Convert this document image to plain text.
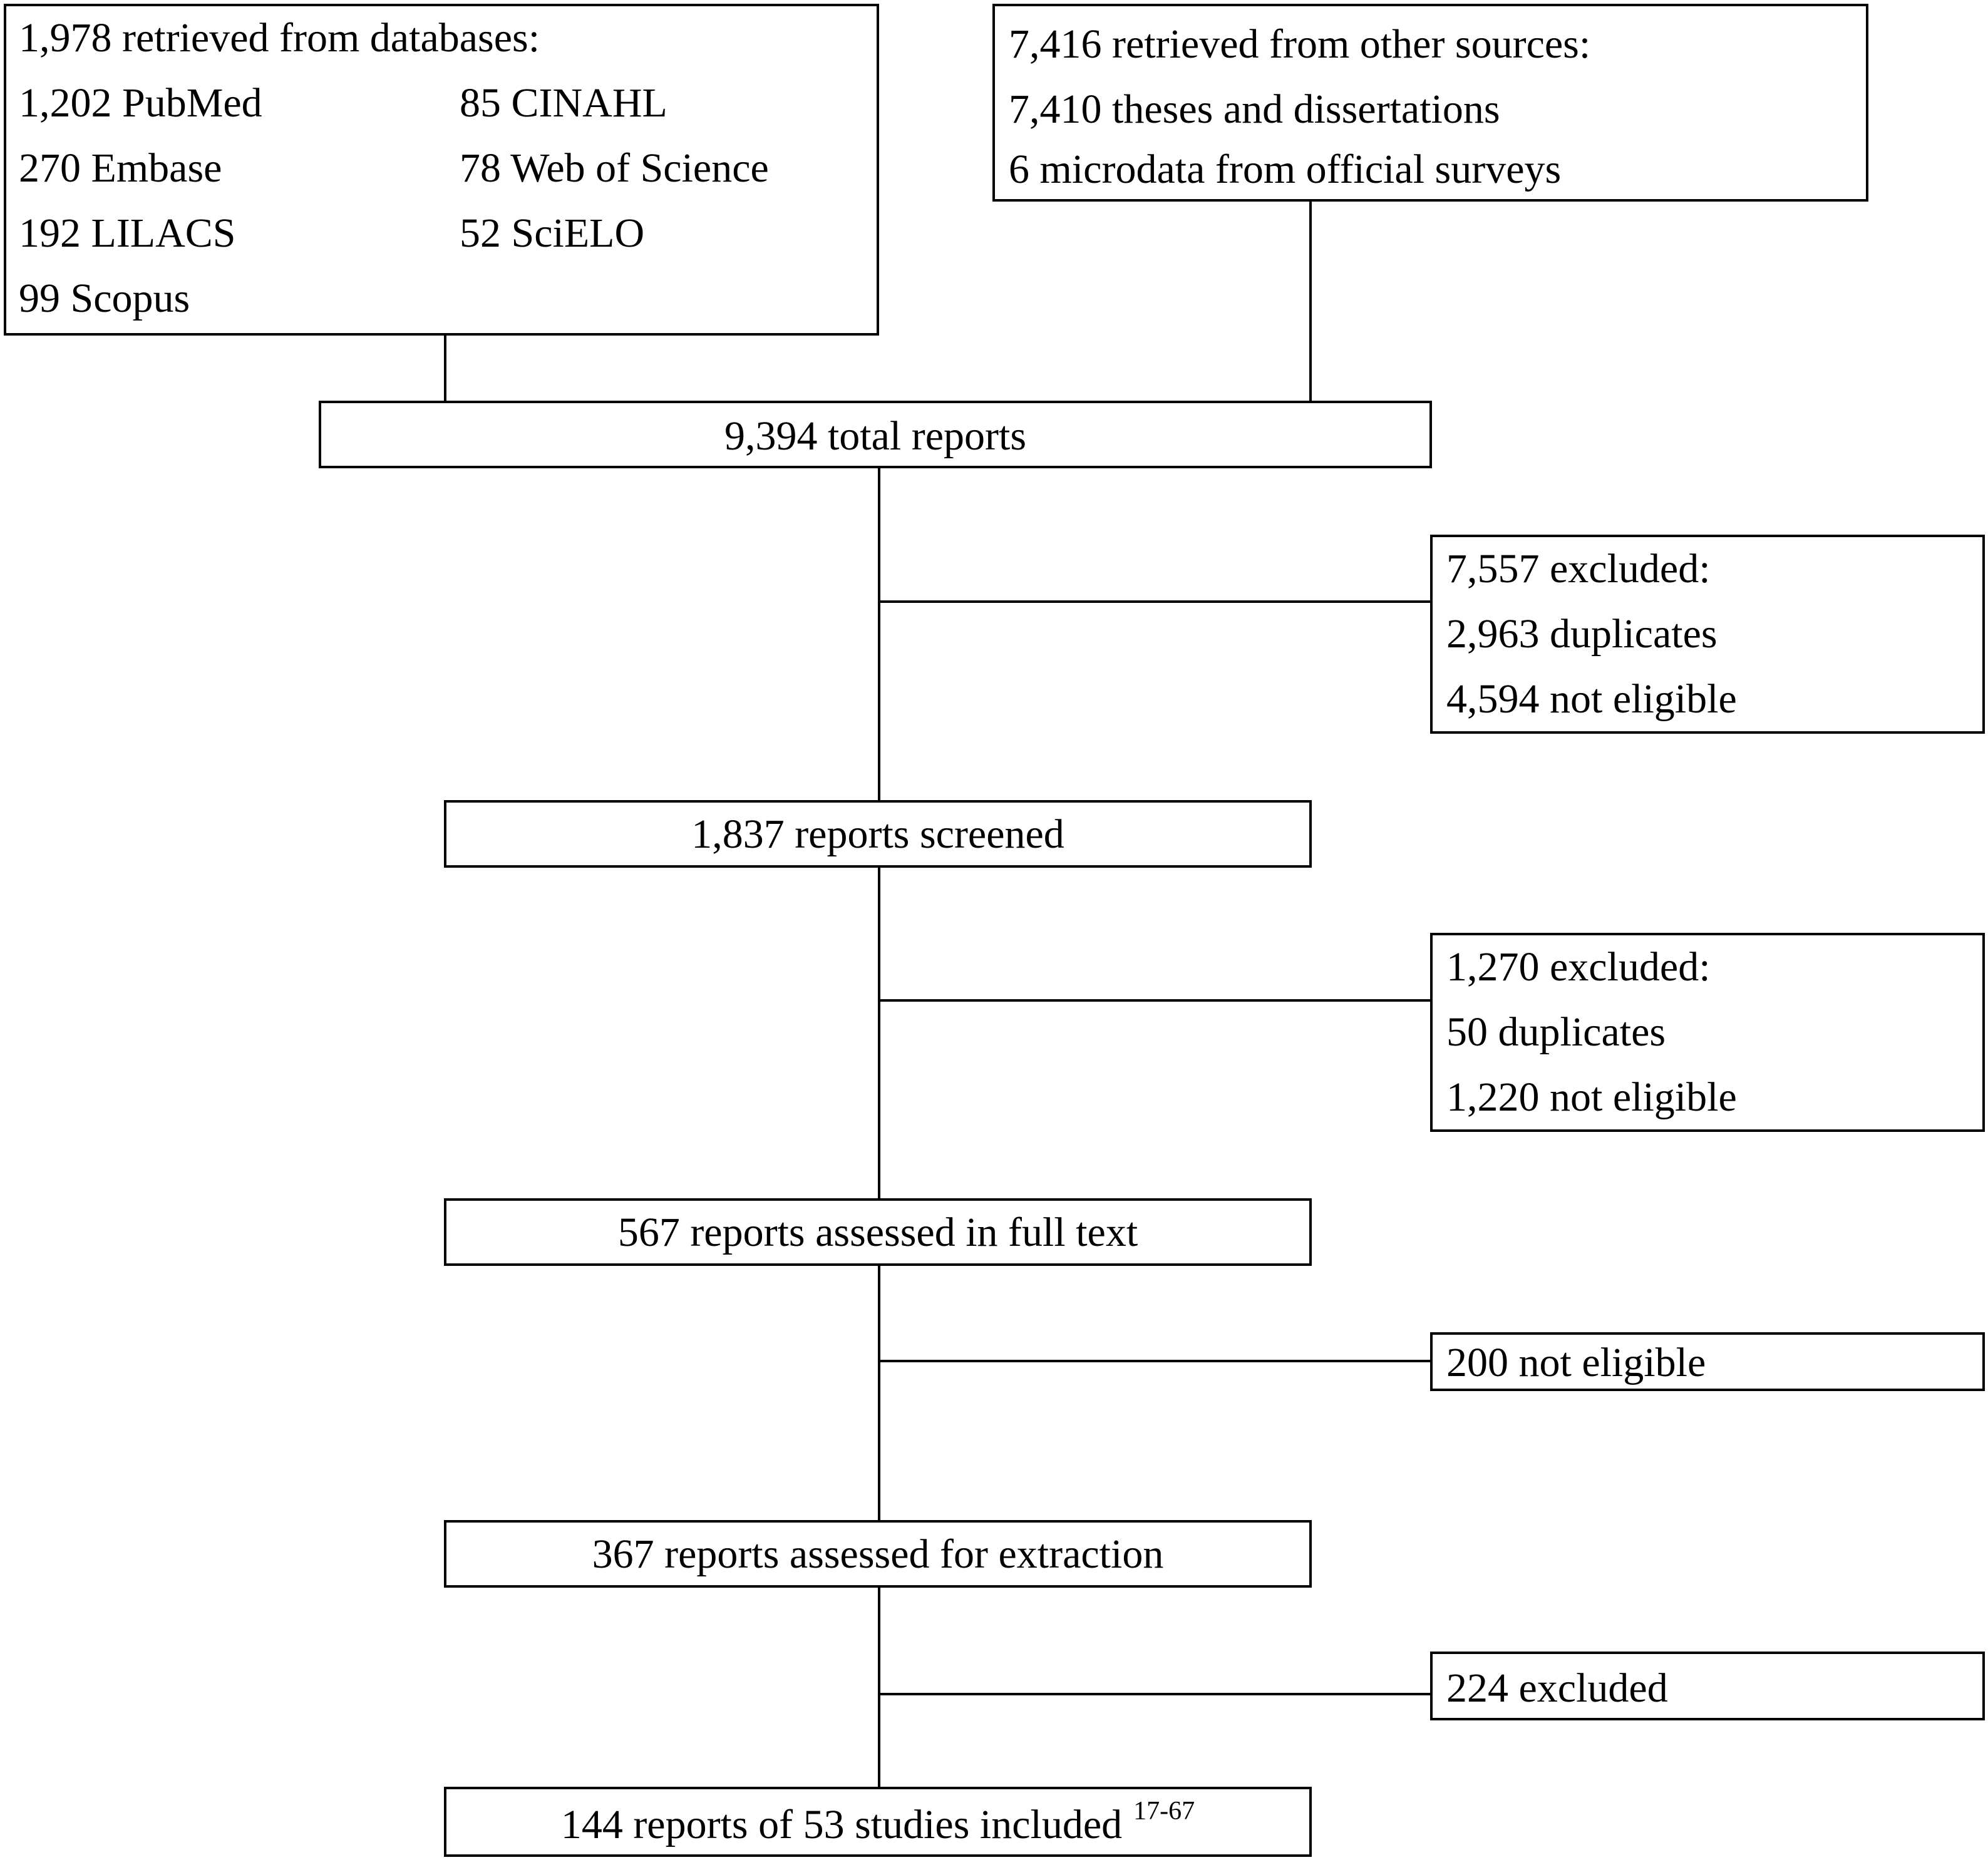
1,978 retrieved from databases:
1,202 PubMed
270 Embase
192 LILACS
99 Scopus
85 CINAHL
78 Web of Science
52 SciELO
7,416 retrieved from other sources:
7,410 theses and dissertations
6 microdata from official surveys
9,394 total reports
7,557 excluded:
2,963 duplicates
4,594 not eligible
1,837 reports screened
1,270 excluded:
50 duplicates
1,220 not eligible
567 reports assessed in full text
200 not eligible
367 reports assessed for extraction
224 excluded
144 reports of 53 studies included $^{17-67}$
